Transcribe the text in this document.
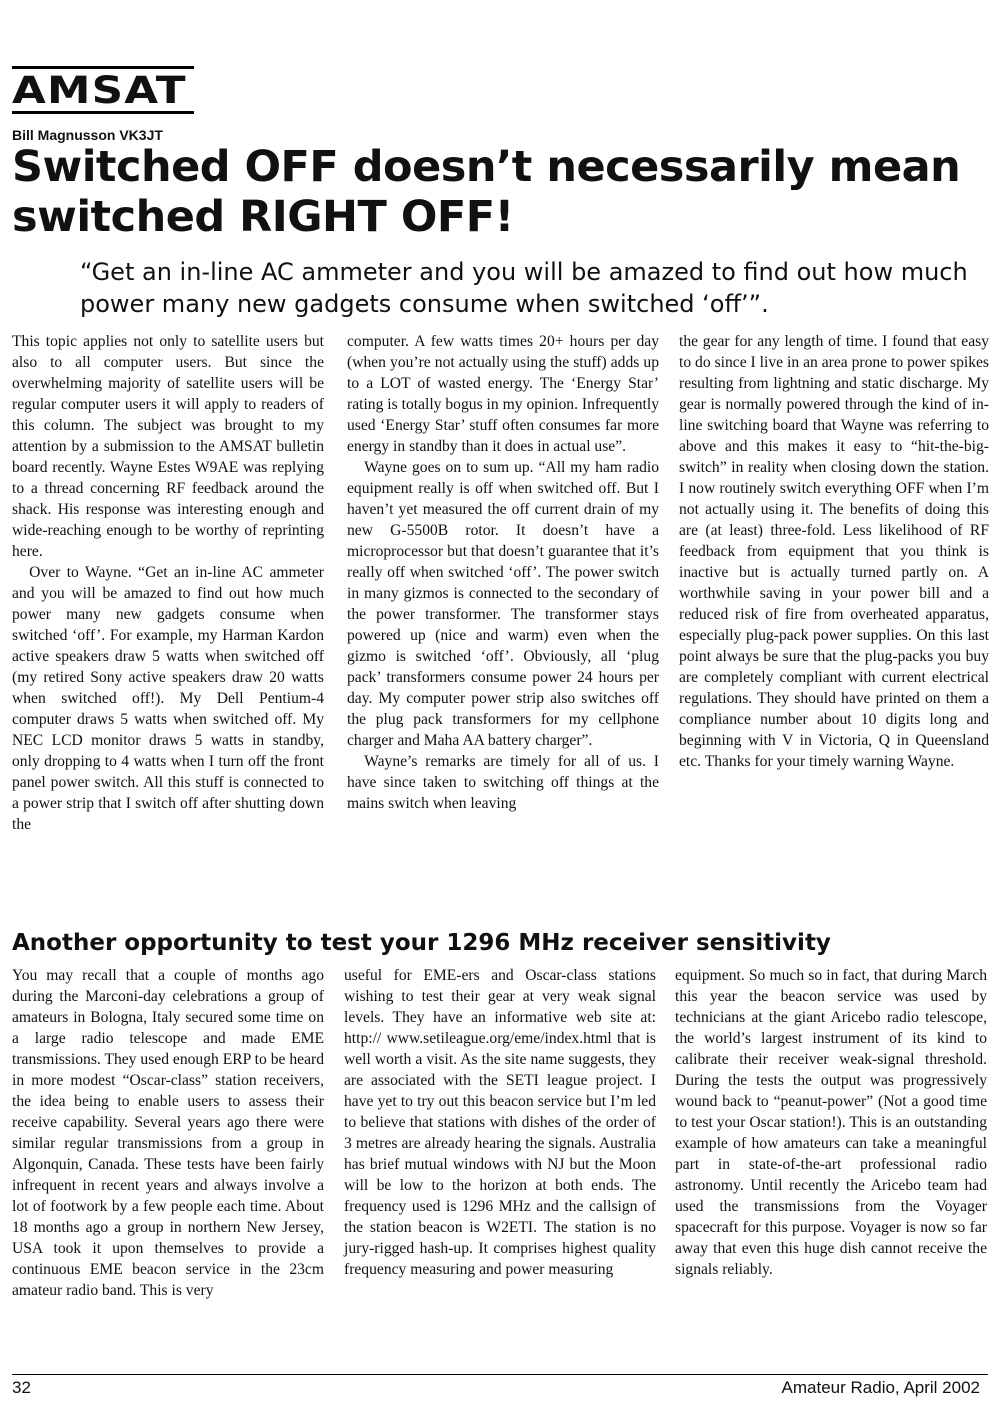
AMSAT
Bill Magnusson VK3JT
Switched OFF doesn’t necessarily mean switched RIGHT OFF!

“Get an in-line AC ammeter and you will be amazed to find out how much power many new gadgets consume when switched ‘off’”.

This topic applies not only to satellite users but also to all computer users. But since the overwhelming majority of satellite users will be regular computer users it will apply to readers of this column. The subject was brought to my attention by a submission to the AMSAT bulletin board recently. Wayne Estes W9AE was replying to a thread concerning RF feedback around the shack. His response was interesting enough and wide-reaching enough to be worthy of reprinting here.

Over to Wayne. “Get an in-line AC ammeter and you will be amazed to find out how much power many new gadgets consume when switched ‘off’. For example, my Harman Kardon active speakers draw 5 watts when switched off (my retired Sony active speakers draw 20 watts when switched off!). My Dell Pentium-4 computer draws 5 watts when switched off. My NEC LCD monitor draws 5 watts in standby, only dropping to 4 watts when I turn off the front panel power switch. All this stuff is connected to a power strip that I switch off after shutting down the

computer. A few watts times 20+ hours per day (when you’re not actually using the stuff) adds up to a LOT of wasted energy. The ‘Energy Star’ rating is totally bogus in my opinion. Infrequently used ‘Energy Star’ stuff often consumes far more energy in standby than it does in actual use”.

Wayne goes on to sum up. “All my ham radio equipment really is off when switched off. But I haven’t yet measured the off current drain of my new G-5500B rotor. It doesn’t have a microprocessor but that doesn’t guarantee that it’s really off when switched ‘off’. The power switch in many gizmos is connected to the secondary of the power transformer. The transformer stays powered up (nice and warm) even when the gizmo is switched ‘off’. Obviously, all ‘plug pack’ transformers consume power 24 hours per day. My computer power strip also switches off the plug pack transformers for my cellphone charger and Maha AA battery charger”.

Wayne’s remarks are timely for all of us. I have since taken to switching off things at the mains switch when leaving

the gear for any length of time. I found that easy to do since I live in an area prone to power spikes resulting from lightning and static discharge. My gear is normally powered through the kind of in-line switching board that Wayne was referring to above and this makes it easy to “hit-the-big-switch” in reality when closing down the station. I now routinely switch everything OFF when I’m not actually using it. The benefits of doing this are (at least) three-fold. Less likelihood of RF feedback from equipment that you think is inactive but is actually turned partly on. A worthwhile saving in your power bill and a reduced risk of fire from overheated apparatus, especially plug-pack power supplies. On this last point always be sure that the plug-packs you buy are completely compliant with current electrical regulations. They should have printed on them a compliance number about 10 digits long and beginning with V in Victoria, Q in Queensland etc. Thanks for your timely warning Wayne.

Another opportunity to test your 1296 MHz receiver sensitivity

You may recall that a couple of months ago during the Marconi-day celebrations a group of amateurs in Bologna, Italy secured some time on a large radio telescope and made EME transmissions. They used enough ERP to be heard in more modest “Oscar-class” station receivers, the idea being to enable users to assess their receive capability. Several years ago there were similar regular transmissions from a group in Algonquin, Canada. These tests have been fairly infrequent in recent years and always involve a lot of footwork by a few people each time. About 18 months ago a group in northern New Jersey, USA took it upon themselves to provide a continuous EME beacon service in the 23cm amateur radio band. This is very

useful for EME-ers and Oscar-class stations wishing to test their gear at very weak signal levels. They have an informative web site at: http:// www.setileague.org/eme/index.html that is well worth a visit. As the site name suggests, they are associated with the SETI league project. I have yet to try out this beacon service but I’m led to believe that stations with dishes of the order of 3 metres are already hearing the signals. Australia has brief mutual windows with NJ but the Moon will be low to the horizon at both ends. The frequency used is 1296 MHz and the callsign of the station beacon is W2ETI. The station is no jury-rigged hash-up. It comprises highest quality frequency measuring and power measuring

equipment. So much so in fact, that during March this year the beacon service was used by technicians at the giant Aricebo radio telescope, the world’s largest instrument of its kind to calibrate their receiver weak-signal threshold. During the tests the output was progressively wound back to “peanut-power” (Not a good time to test your Oscar station!). This is an outstanding example of how amateurs can take a meaningful part in state-of-the-art professional radio astronomy. Until recently the Aricebo team had used the transmissions from the Voyager spacecraft for this purpose. Voyager is now so far away that even this huge dish cannot receive the signals reliably.

32	Amateur Radio, April 2002
